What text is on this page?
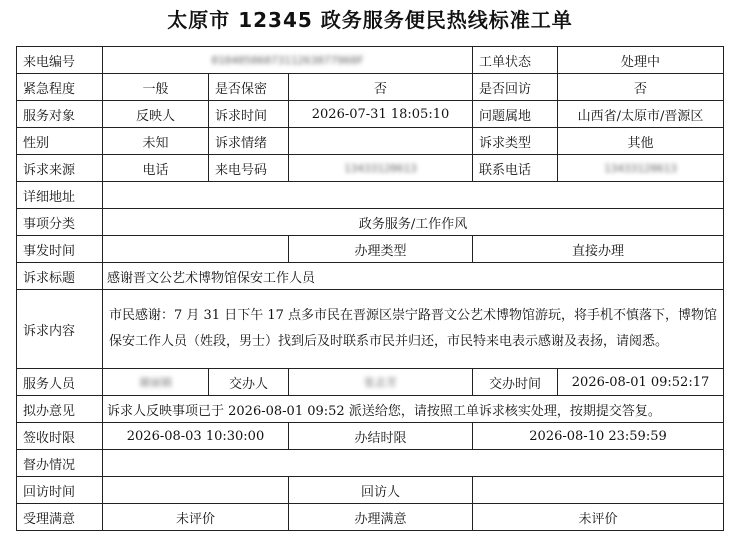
太原市 12345 政务服务便民热线标准工单
来电编号	0104050607311263077960F			工单状态	处理中
紧急程度	一般	是否保密	否	是否回访	否
服务对象	反映人	诉求时间	2026-07-31 18:05:10	问题属地	山西省/太原市/晋源区
性别	未知	诉求情绪		诉求类型	其他
诉求来源	电话	来电号码	13433120613	联系电话	13433120613
详细地址					
事项分类	政务服务/工作作风				
事发时间			办理类型	直接办理	
诉求标题	感谢晋文公艺术博物馆保安工作人员				
诉求内容	市民感谢：7 月 31 日下午 17 点多市民在晋源区崇宁路晋文公艺术博物馆游玩，将手机不慎落下，博物馆保安工作人员（姓段，男士）找到后及时联系市民并归还，市民特来电表示感谢及表扬，请阅悉。				
服务人员	谢丽娟	交办人	张志芳	交办时间	2026-08-01 09:52:17
拟办意见	诉求人反映事项已于 2026-08-01 09:52 派送给您，请按照工单诉求核实处理，按期提交答复。				
签收时限	2026-08-03 10:30:00		办结时限	2026-08-10 23:59:59	
督办情况					
回访时间			回访人		
受理满意	未评价		办理满意	未评价	
